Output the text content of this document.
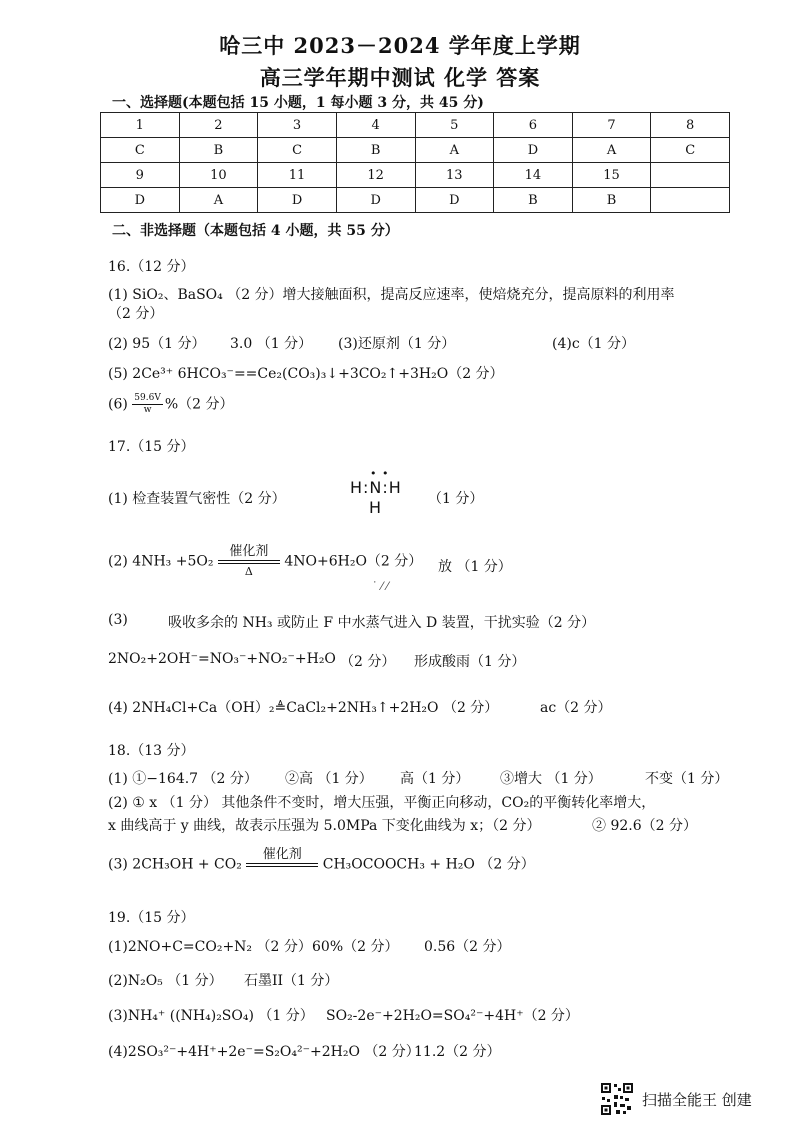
哈三中 2023－2024 学年度上学期
高三学年期中测试 化学 答案
一、选择题(本题包括 15 小题，1 每小题 3 分，共 45 分)
1	2	3	4	5	6	7	8
C	B	C	B	A	D	A	C
9	10	11	12	13	14	15	
D	A	D	D	D	B	B	
二、非选择题（本题包括 4 小题，共 55 分）
16.（12 分）
(1) SiO₂、BaSO₄ （2 分）增大接触面积，提高反应速率，使焙烧充分，提高原料的利用率
（2 分）
(2) 95（1 分） 3.0 （1 分） (3)还原剂（1 分）	(4)c（1 分）
(5) 2Ce³⁺ 6HCO₃⁻==Ce₂(CO₃)₃↓+3CO₂↑+3H₂O（2 分）
$(6) \frac{59.6V}{w} \%(2$ 分）
17.（15 分）
(1) 检查装置气密性（2 分）
• •
H:N:H
H	（1 分）
(2) 4NH₃ +5O₂
催化剂
Δ
4NO+6H₂O（2 分） 放 （1 分）
˙ ⁄ ⁄
(3)	吸收多余的 NH₃ 或防止 F 中水蒸气进入 D 装置，干扰实验（2 分）
2NO₂+2OH⁻=NO₃⁻+NO₂⁻+H₂O （2 分） 形成酸雨（1 分）
(4) 2NH₄Cl+Ca（OH）₂≜CaCl₂+2NH₃↑+2H₂O （2 分）	ac（2 分）
18.（13 分）
(1) ①−164.7 （2 分） ②高 （1 分） 高（1 分） ③增大 （1 分）	不变（1 分）
(2) ① x （1 分） 其他条件不变时，增大压强，平衡正向移动，CO₂的平衡转化率增大，
x 曲线高于 y 曲线，故表示压强为 5.0MPa 下变化曲线为 x；（2 分）	② 92.6（2 分）
(3) 2CH₃OH + CO₂
催化剂

CH₃OCOOCH₃ + H₂O （2 分）
19.（15 分）
(1)2NO+C=CO₂+N₂ （2 分） 60%（2 分） 0.56（2 分）
(2)N₂O₅ （1 分） 石墨II（1 分）
(3)NH₄⁺ ((NH₄)₂SO₄) （1 分） SO₂-2e⁻+2H₂O=SO₄²⁻+4H⁺（2 分）
(4)2SO₃²⁻+4H⁺+2e⁻=S₂O₄²⁻+2H₂O （2 分）
11.2（2 分）
扫描全能王 创建
